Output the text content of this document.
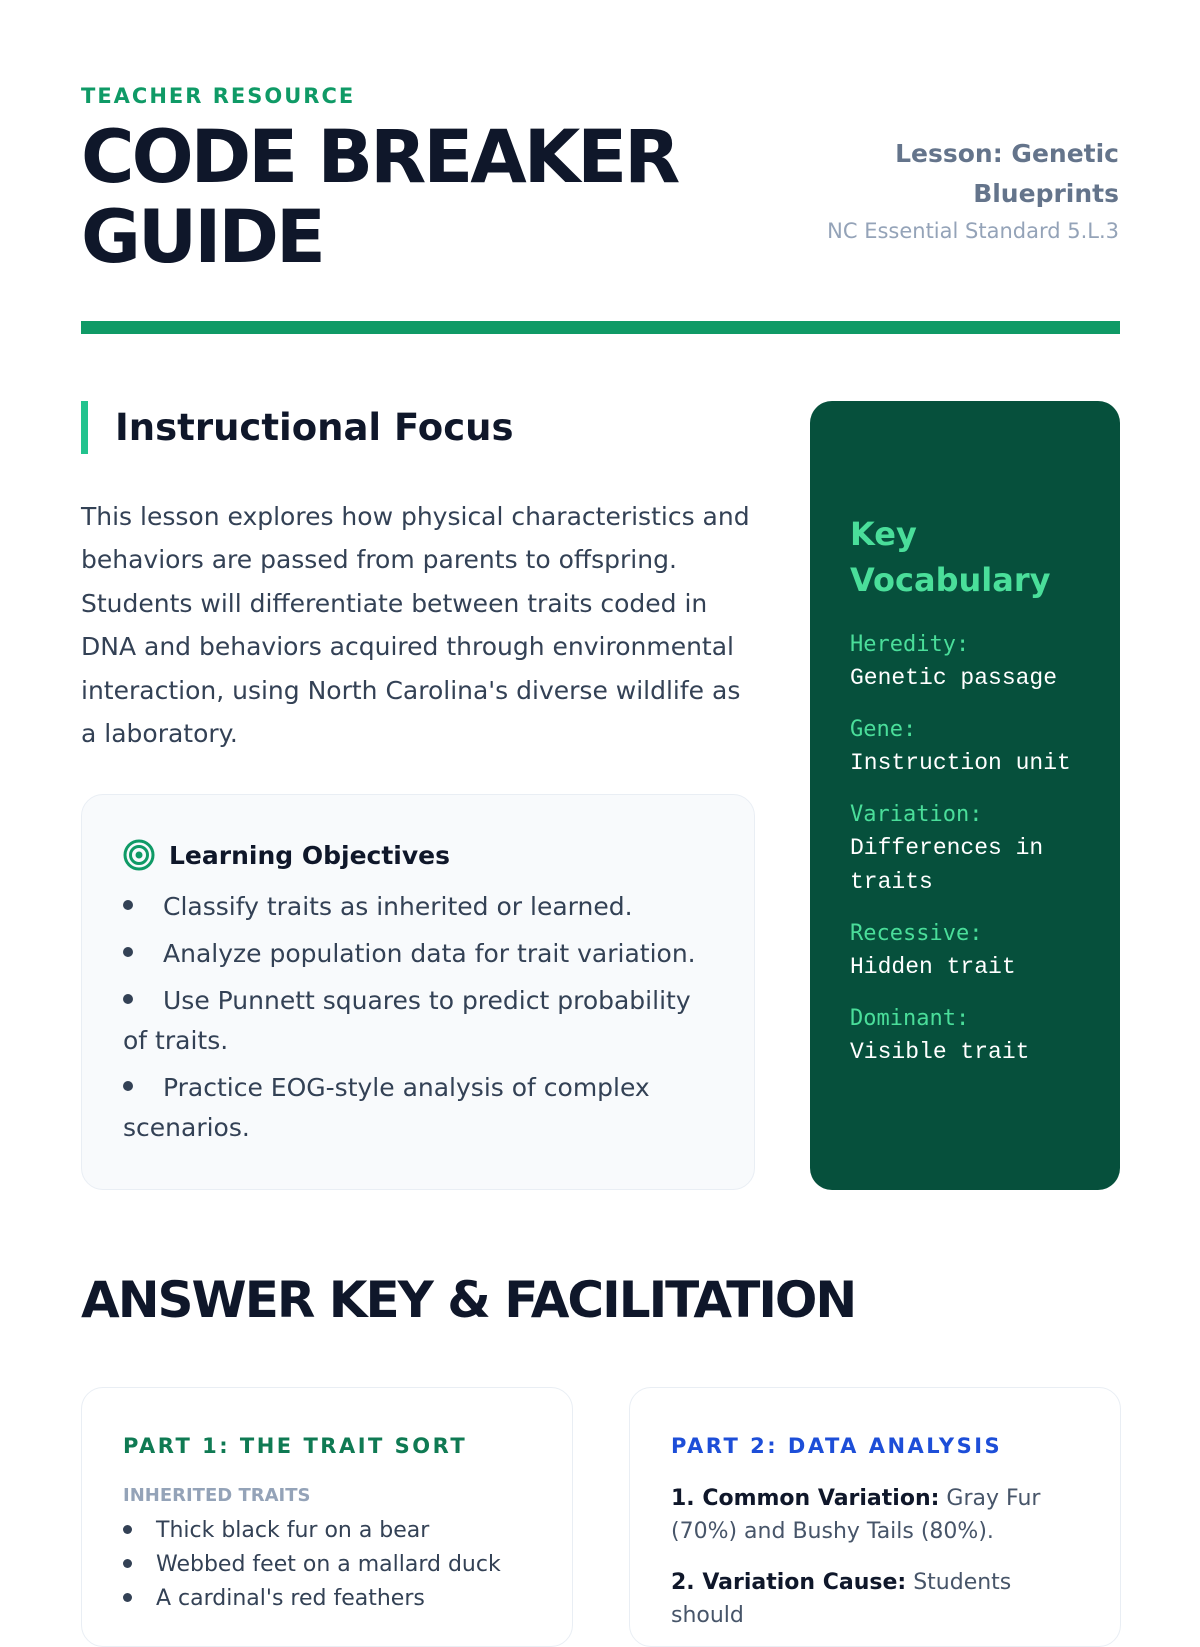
TEACHER RESOURCE
CODE BREAKER GUIDE
Lesson: Genetic Blueprints
NC Essential Standard 5.L.3
Instructional Focus

This lesson explores how physical characteristics and behaviors are passed from parents to offspring. Students will differentiate between traits coded in DNA and behaviors acquired through environmental interaction, using North Carolina's diverse wildlife as a laboratory.

Learning Objectives
Classify traits as inherited or learned.
Analyze population data for trait variation.
Use Punnett squares to predict probability of traits.
Practice EOG-style analysis of complex scenarios.
Key Vocabulary
Heredity:
Genetic passage
Gene:
Instruction unit
Variation:
Differences in traits
Recessive:
Hidden trait
Dominant:
Visible trait
ANSWER KEY & FACILITATION
PART 1: THE TRAIT SORT
INHERITED TRAITS
Thick black fur on a bear
Webbed feet on a mallard duck
A cardinal's red feathers
PART 2: DATA ANALYSIS

1. Common Variation: Gray Fur (70%) and Bushy Tails (80%).

2. Variation Cause: Students should
